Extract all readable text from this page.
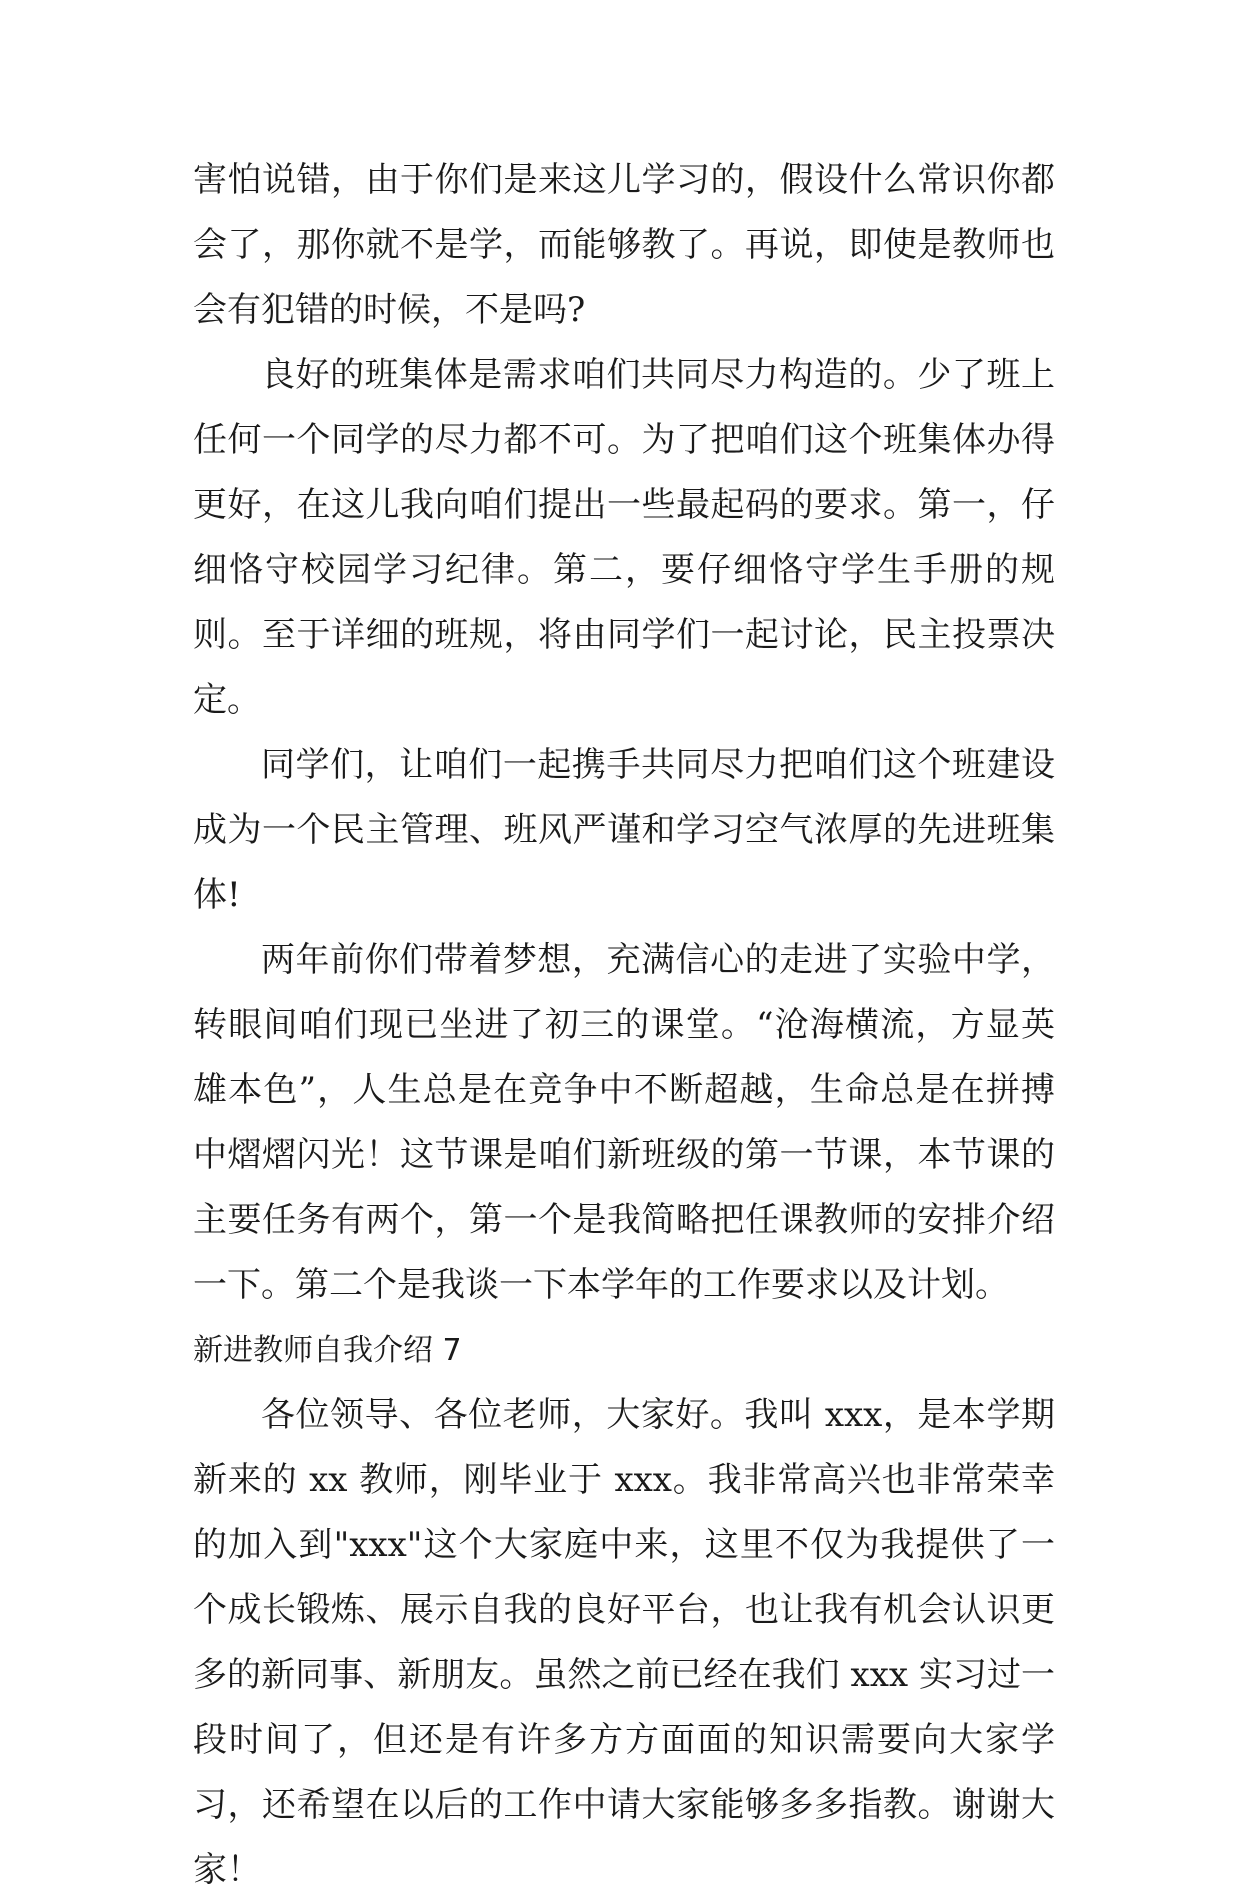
害怕说错，由于你们是来这儿学习的，假设什么常识你都会了，那你就不是学，而能够教了。再说，即使是教师也会有犯错的时候，不是吗?

良好的班集体是需求咱们共同尽力构造的。少了班上任何一个同学的尽力都不可。为了把咱们这个班集体办得更好，在这儿我向咱们提出一些最起码的要求。第一，仔细恪守校园学习纪律。第二，要仔细恪守学生手册的规则。至于详细的班规，将由同学们一起讨论，民主投票决定。

同学们，让咱们一起携手共同尽力把咱们这个班建设成为一个民主管理、班风严谨和学习空气浓厚的先进班集体!

两年前你们带着梦想，充满信心的走进了实验中学，转眼间咱们现已坐进了初三的课堂。“沧海横流，方显英雄本色”，人生总是在竞争中不断超越，生命总是在拼搏中熠熠闪光！这节课是咱们新班级的第一节课，本节课的主要任务有两个，第一个是我简略把任课教师的安排介绍一下。第二个是我谈一下本学年的工作要求以及计划。

新进教师自我介绍 7

各位领导、各位老师，大家好。我叫 xxx，是本学期新来的 xx 教师，刚毕业于 xxx。我非常高兴也非常荣幸的加入到"xxx"这个大家庭中来，这里不仅为我提供了一个成长锻炼、展示自我的良好平台，也让我有机会认识更多的新同事、新朋友。虽然之前已经在我们 xxx 实习过一段时间了，但还是有许多方方面面的知识需要向大家学习，还希望在以后的工作中请大家能够多多指教。谢谢大家！
